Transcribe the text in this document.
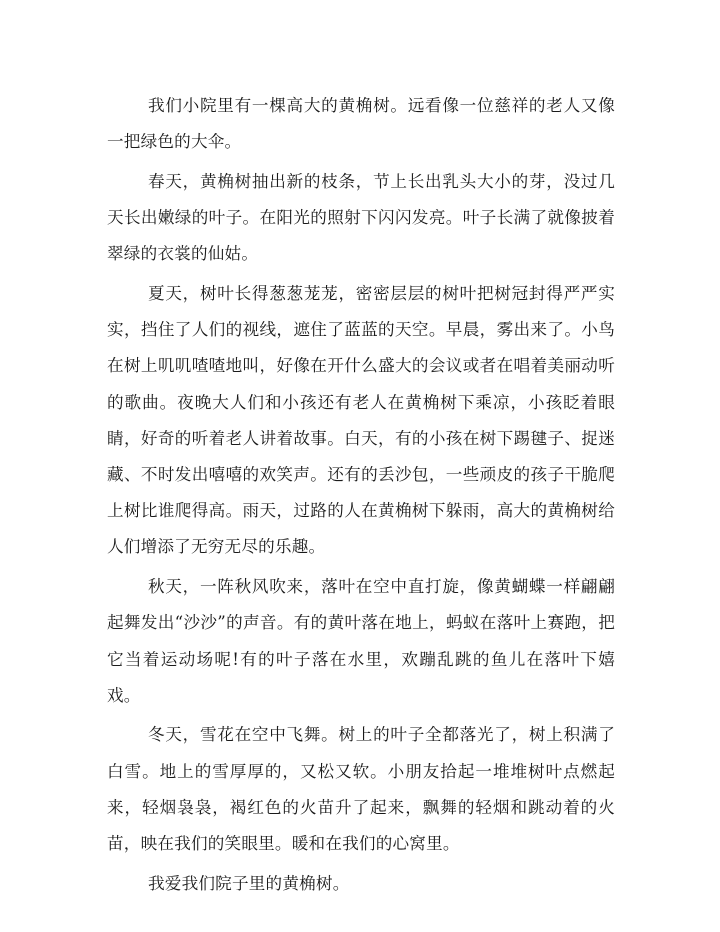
我们小院里有一棵高大的黄桷树。远看像一位慈祥的老人又像一把绿色的大伞。

春天，黄桷树抽出新的枝条，节上长出乳头大小的芽，没过几天长出嫩绿的叶子。在阳光的照射下闪闪发亮。叶子长满了就像披着翠绿的衣裳的仙姑。

夏天，树叶长得葱葱茏茏，密密层层的树叶把树冠封得严严实实，挡住了人们的视线，遮住了蓝蓝的天空。早晨，雾出来了。小鸟在树上叽叽喳喳地叫，好像在开什么盛大的会议或者在唱着美丽动听的歌曲。夜晚大人们和小孩还有老人在黄桷树下乘凉，小孩眨着眼睛，好奇的听着老人讲着故事。白天，有的小孩在树下踢毽子、捉迷藏、不时发出嘻嘻的欢笑声。还有的丢沙包，一些顽皮的孩子干脆爬上树比谁爬得高。雨天，过路的人在黄桷树下躲雨，高大的黄桷树给人们增添了无穷无尽的乐趣。

秋天，一阵秋风吹来，落叶在空中直打旋，像黄蝴蝶一样翩翩起舞发出“沙沙”的声音。有的黄叶落在地上，蚂蚁在落叶上赛跑，把它当着运动场呢!有的叶子落在水里，欢蹦乱跳的鱼儿在落叶下嬉戏。

冬天，雪花在空中飞舞。树上的叶子全都落光了，树上积满了白雪。地上的雪厚厚的，又松又软。小朋友拾起一堆堆树叶点燃起来，轻烟袅袅，褐红色的火苗升了起来，飘舞的轻烟和跳动着的火苗，映在我们的笑眼里。暖和在我们的心窝里。

我爱我们院子里的黄桷树。
